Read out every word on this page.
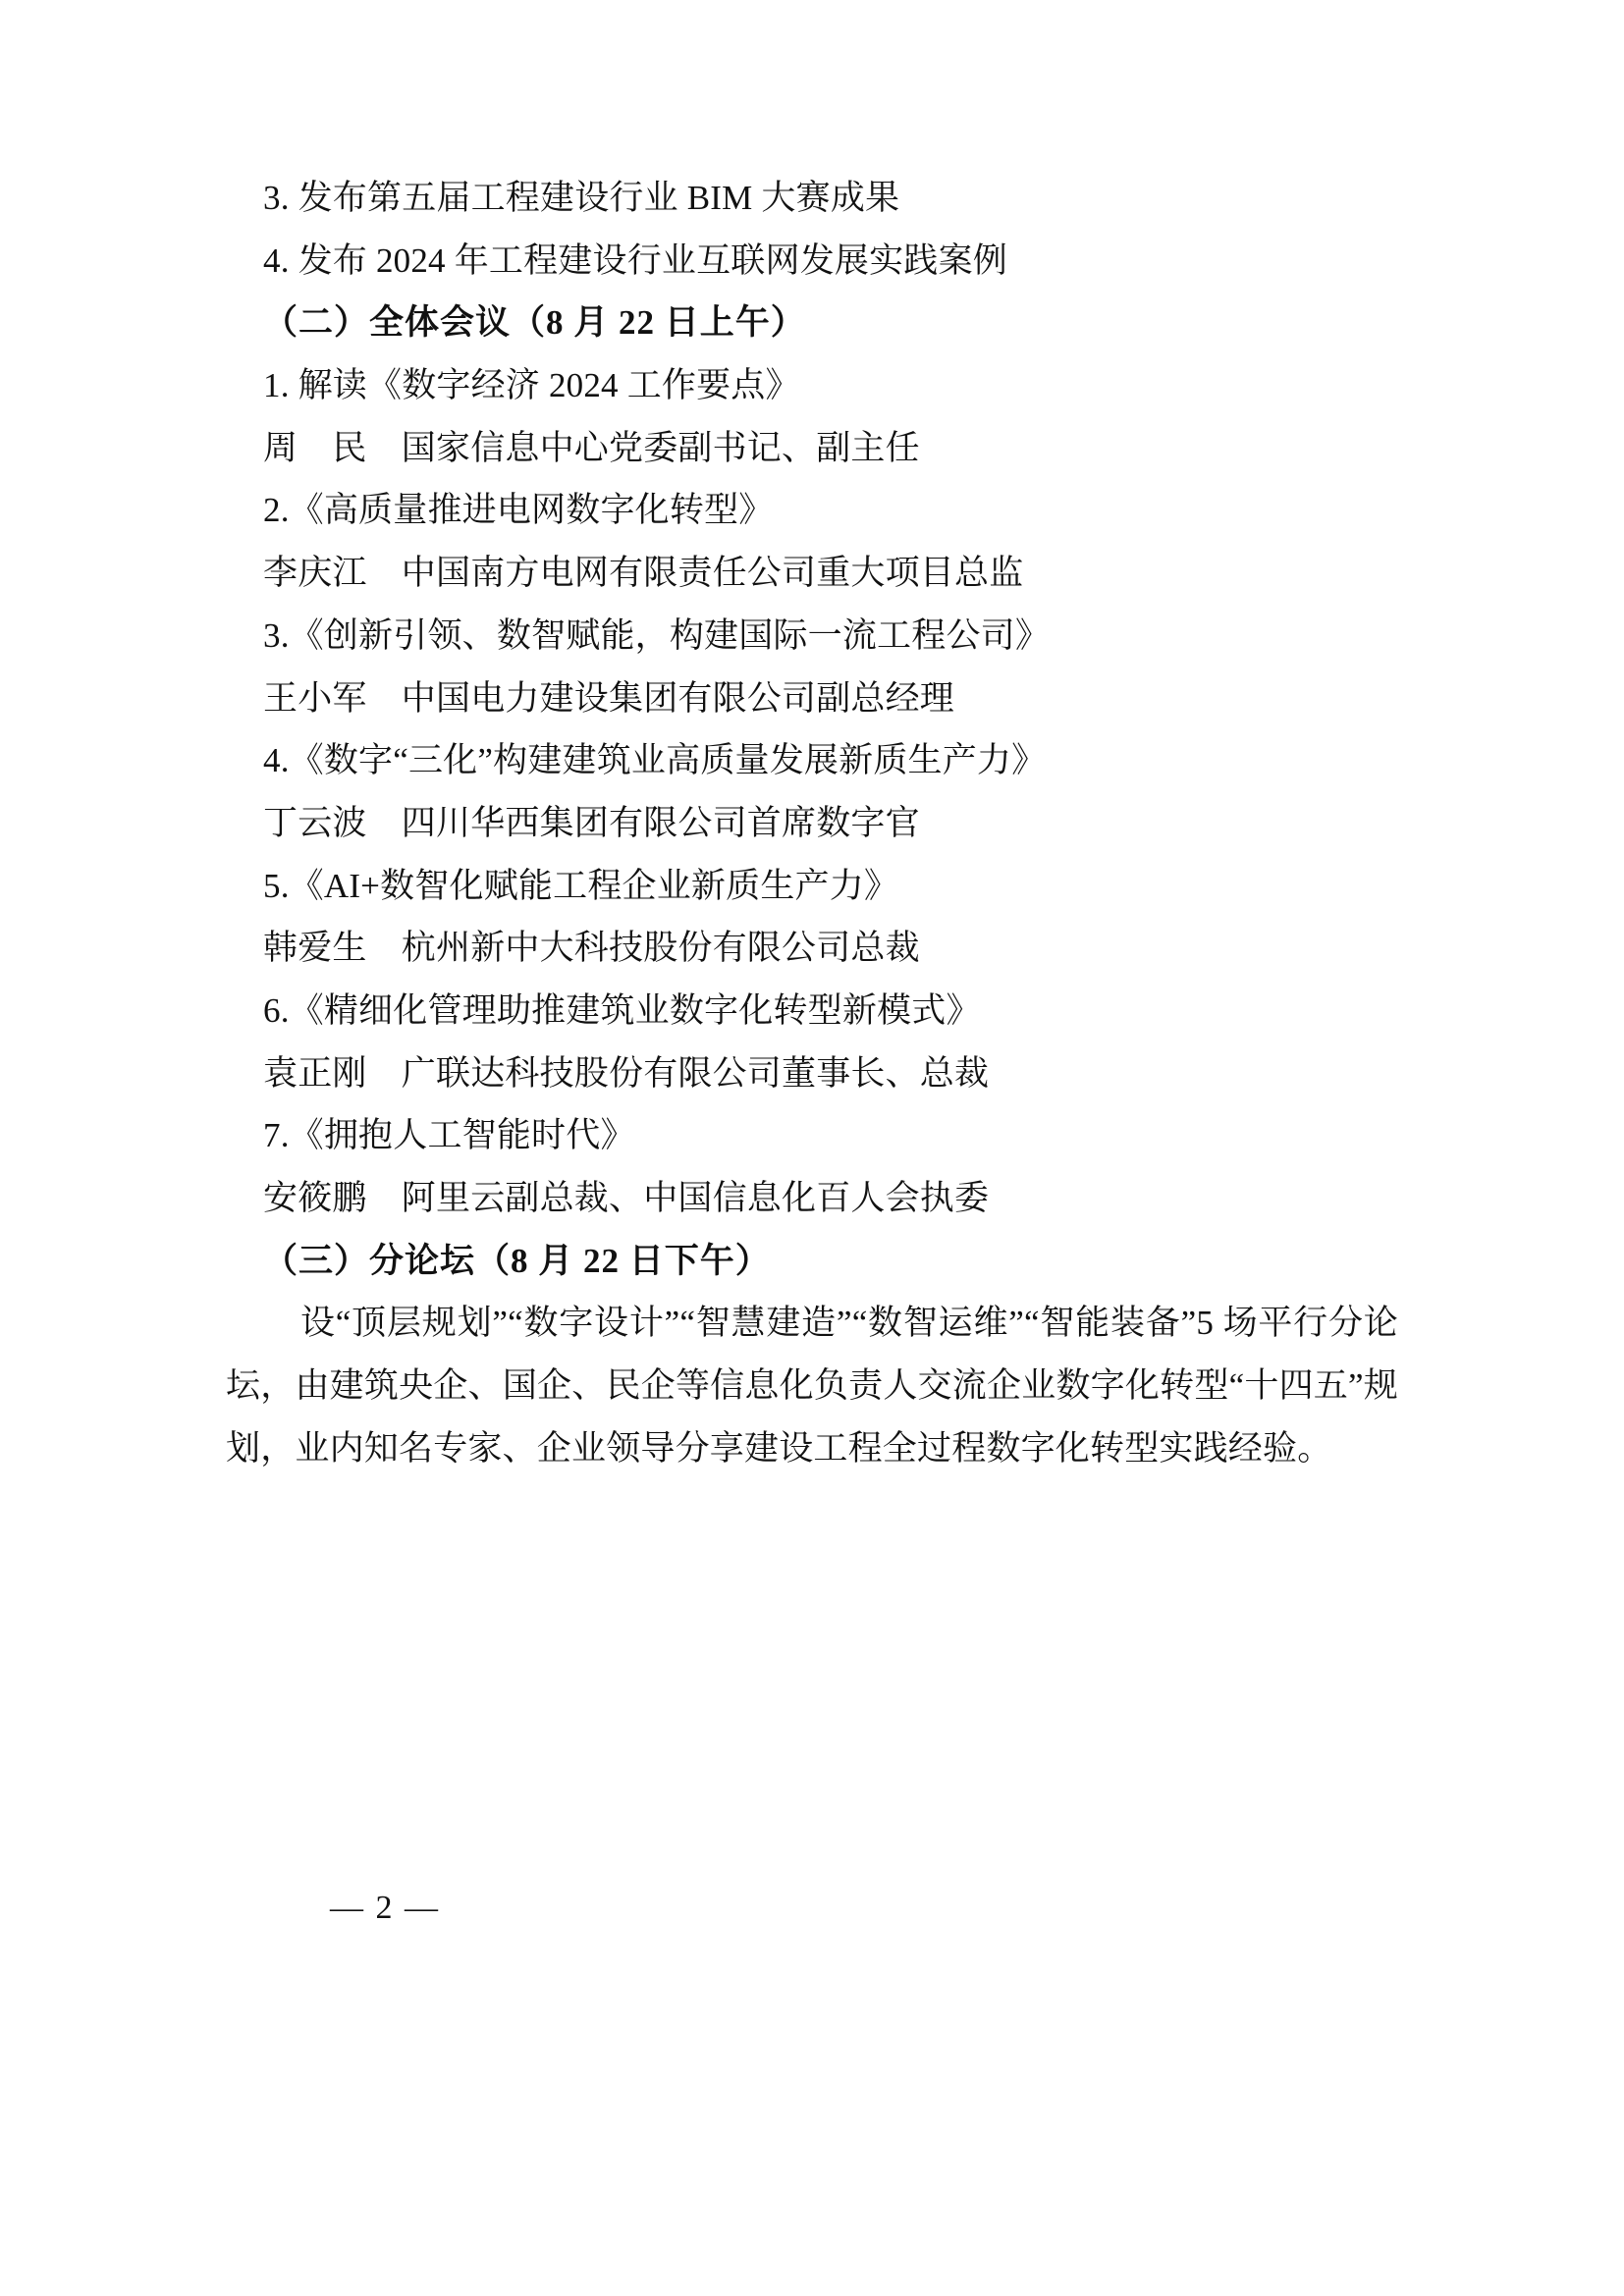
3. 发布第五届工程建设行业 BIM 大赛成果
4. 发布 2024 年工程建设行业互联网发展实践案例
（二）全体会议（8 月 22 日上午）
1. 解读《数字经济 2024 工作要点》
周　民　国家信息中心党委副书记、副主任
2.《高质量推进电网数字化转型》
李庆江　中国南方电网有限责任公司重大项目总监
3.《创新引领、数智赋能，构建国际一流工程公司》
王小军　中国电力建设集团有限公司副总经理
4.《数字“三化”构建建筑业高质量发展新质生产力》
丁云波　四川华西集团有限公司首席数字官
5.《AI+数智化赋能工程企业新质生产力》
韩爱生　杭州新中大科技股份有限公司总裁
6.《精细化管理助推建筑业数字化转型新模式》
袁正刚　广联达科技股份有限公司董事长、总裁
7.《拥抱人工智能时代》
安筱鹏　阿里云副总裁、中国信息化百人会执委
（三）分论坛（8 月 22 日下午）
设“顶层规划”“数字设计”“智慧建造”“数智运维”“智能装备”5 场平行分论坛，由建筑央企、国企、民企等信息化负责人交流企业数字化转型“十四五”规划，业内知名专家、企业领导分享建设工程全过程数字化转型实践经验。
— 2 —
